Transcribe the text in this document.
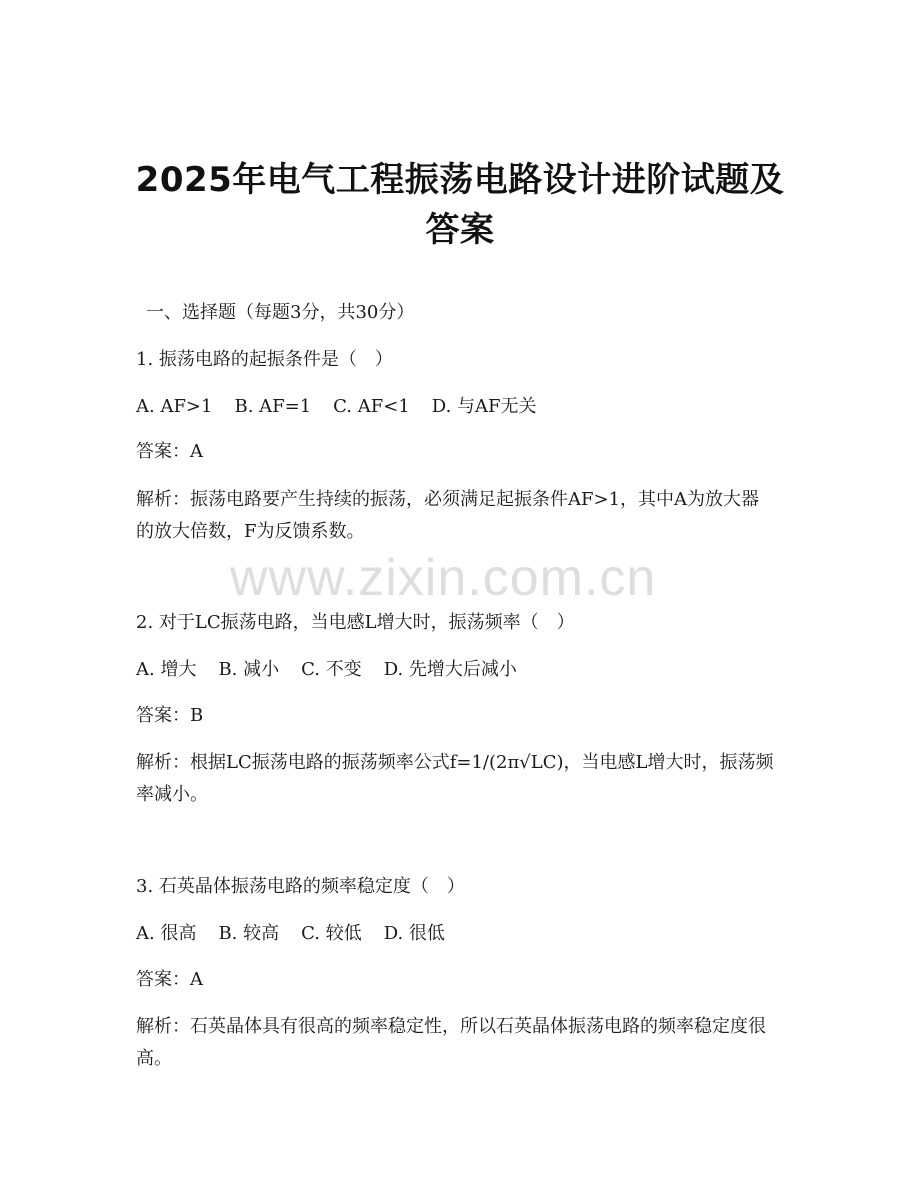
2025年电气工程振荡电路设计进阶试题及答案
一、选择题（每题3分，共30分）
1. 振荡电路的起振条件是（　）
A. AF>1 B. AF=1 C. AF<1 D. 与AF无关
答案：A
解析：振荡电路要产生持续的振荡，必须满足起振条件AF>1，其中A为放大器的放大倍数，F为反馈系数。
www.zixin.com.cn
2. 对于LC振荡电路，当电感L增大时，振荡频率（　）
A. 增大 B. 减小 C. 不变 D. 先增大后减小
答案：B
解析：根据LC振荡电路的振荡频率公式f=1/(2π√LC)，当电感L增大时，振荡频率减小。
3. 石英晶体振荡电路的频率稳定度（　）
A. 很高 B. 较高 C. 较低 D. 很低
答案：A
解析：石英晶体具有很高的频率稳定性，所以石英晶体振荡电路的频率稳定度很高。
